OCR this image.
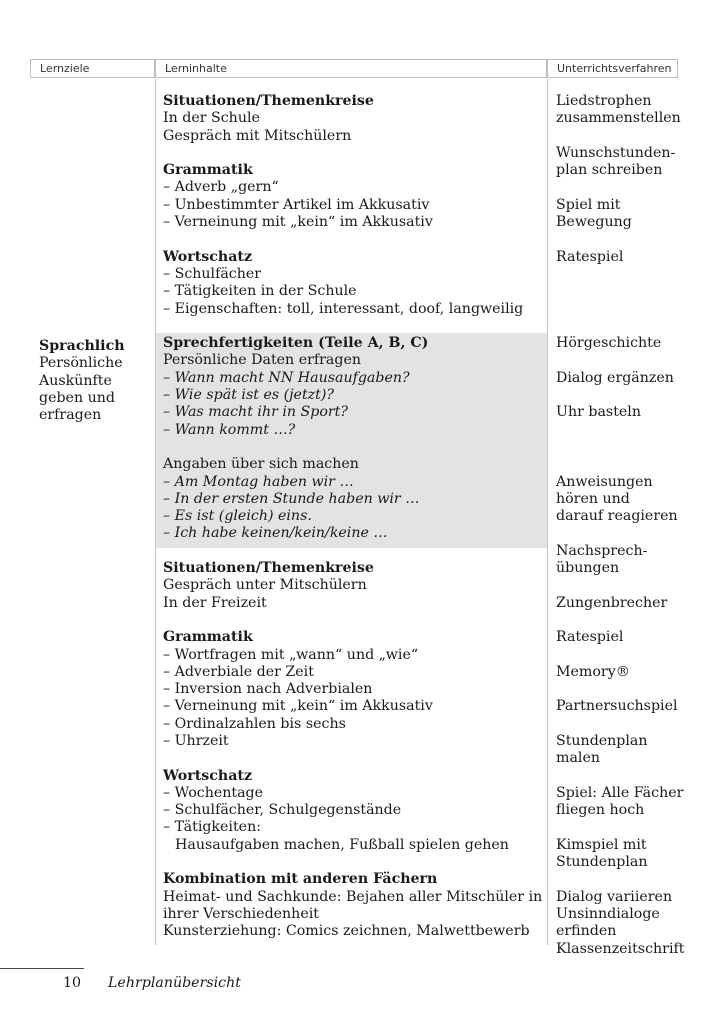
Lernziele	Lerninhalte	Unterrichtsverfahren
Sprachlich
Persönliche
Auskünfte
geben und
erfragen
Situationen/Themenkreise
In der Schule
Gespräch mit Mitschülern
Grammatik
– Adverb „gern“
– Unbestimmter Artikel im Akkusativ
– Verneinung mit „kein“ im Akkusativ
Wortschatz
– Schulfächer
– Tätigkeiten in der Schule
– Eigenschaften: toll, interessant, doof, langweilig
Sprechfertigkeiten (Teile A, B, C)
Persönliche Daten erfragen
– Wann macht NN Hausaufgaben?
– Wie spät ist es (jetzt)?
– Was macht ihr in Sport?
– Wann kommt …?
Angaben über sich machen
– Am Montag haben wir …
– In der ersten Stunde haben wir …
– Es ist (gleich) eins.
– Ich habe keinen/kein/keine …
Situationen/Themenkreise
Gespräch unter Mitschülern
In der Freizeit
Grammatik
– Wortfragen mit „wann“ und „wie“
– Adverbiale der Zeit
– Inversion nach Adverbialen
– Verneinung mit „kein“ im Akkusativ
– Ordinalzahlen bis sechs
– Uhrzeit
Wortschatz
– Wochentage
– Schulfächer, Schulgegenstände
– Tätigkeiten:
Hausaufgaben machen, Fußball spielen gehen
Kombination mit anderen Fächern
Heimat- und Sachkunde: Bejahen aller Mitschüler in
ihrer Verschiedenheit
Kunsterziehung: Comics zeichnen, Malwettbewerb
Liedstrophen
zusammenstellen
Wunschstunden-
plan schreiben
Spiel mit
Bewegung
Ratespiel
Hörgeschichte
Dialog ergänzen
Uhr basteln
Anweisungen
hören und
darauf reagieren
Nachsprech-
übungen
Zungenbrecher
Ratespiel
Memory®
Partnersuchspiel
Stundenplan
malen
Spiel: Alle Fächer
fliegen hoch
Kimspiel mit
Stundenplan
Dialog variieren
Unsinndialoge
erfinden
Klassenzeitschrift
10 Lehrplanübersicht
